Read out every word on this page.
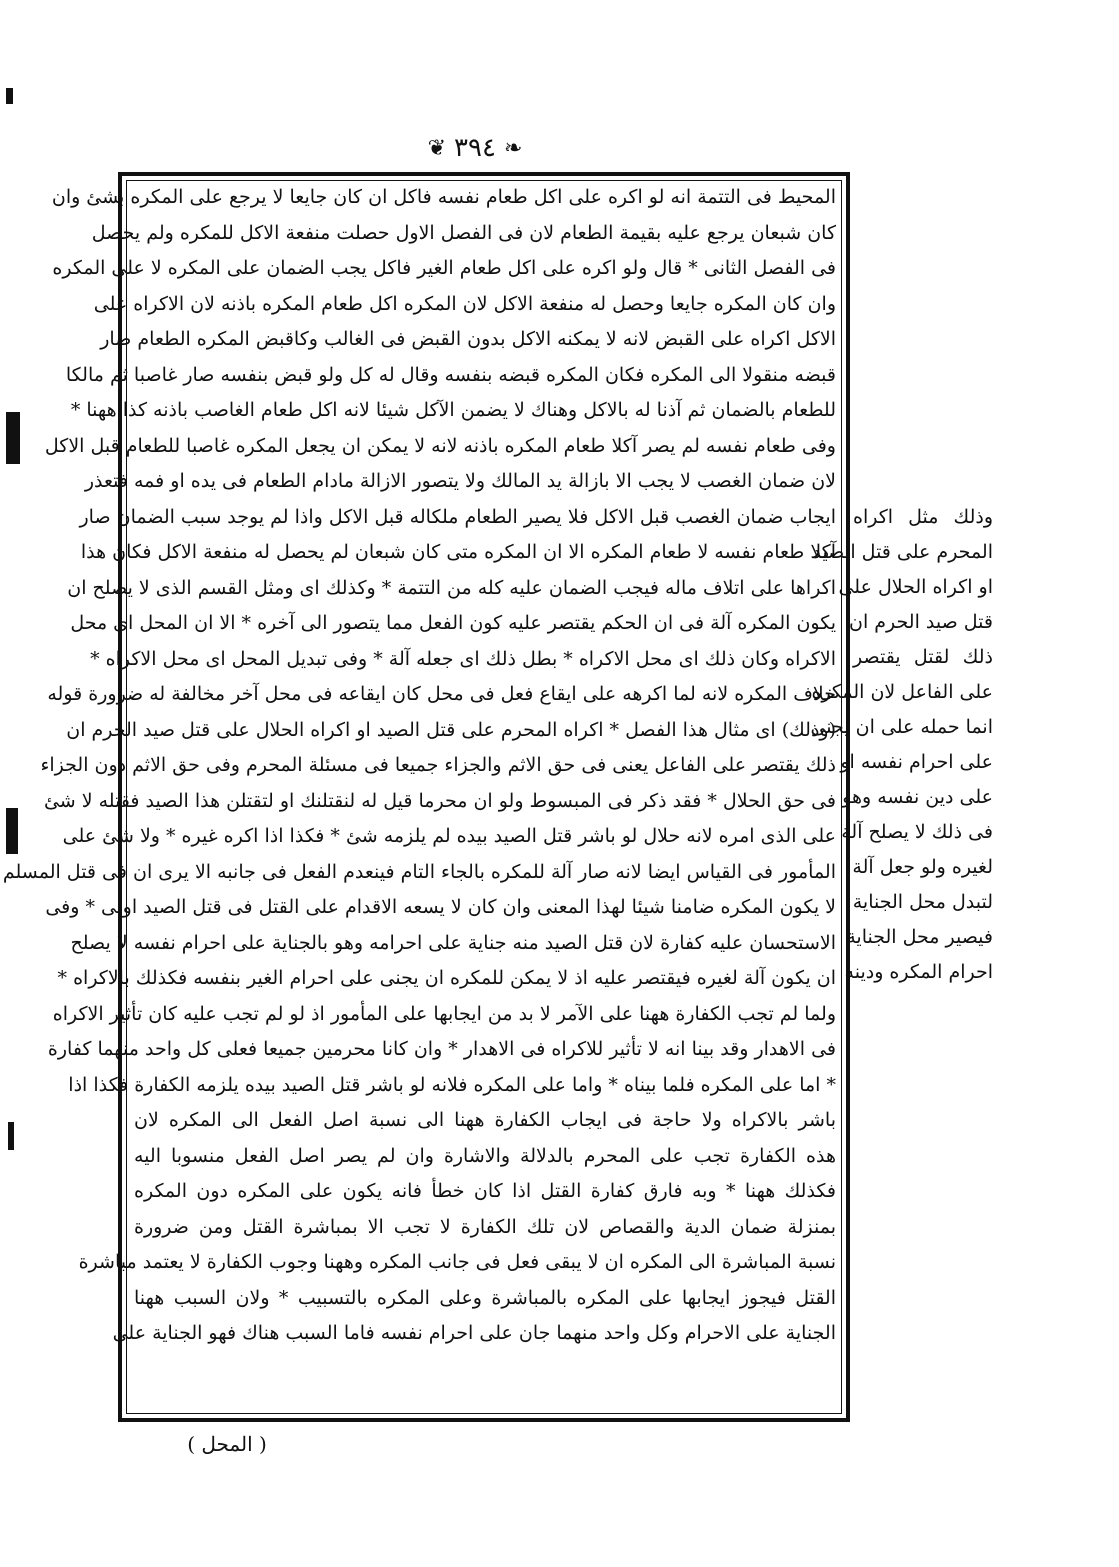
❦ ٣٩٤ ❧
المحيط فى التتمة انه لو اكره على اكل طعام نفسه فاكل ان كان جايعا لا يرجع على المكره بشئ وان
كان شبعان يرجع عليه بقيمة الطعام لان فى الفصل الاول حصلت منفعة الاكل للمكره ولم يحصل
فى الفصل الثانى * قال ولو اكره على اكل طعام الغير فاكل يجب الضمان على المكره لا على المكره
وان كان المكره جايعا وحصل له منفعة الاكل لان المكره اكل طعام المكره باذنه لان الاكراه على
الاكل اكراه على القبض لانه لا يمكنه الاكل بدون القبض فى الغالب وكاقبض المكره الطعام صار
قبضه منقولا الى المكره فكان المكره قبضه بنفسه وقال له كل ولو قبض بنفسه صار غاصبا ثم مالكا
للطعام بالضمان ثم آذنا له بالاكل وهناك لا يضمن الآكل شيئا لانه اكل طعام الغاصب باذنه كذا ههنا *
وفى طعام نفسه لم يصر آكلا طعام المكره باذنه لانه لا يمكن ان يجعل المكره غاصبا للطعام قبل الاكل
لان ضمان الغصب لا يجب الا بازالة يد المالك ولا يتصور الازالة مادام الطعام فى يده او فمه فتعذر
ايجاب ضمان الغصب قبل الاكل فلا يصير الطعام ملكاله قبل الاكل واذا لم يوجد سبب الضمان صار
آكلا طعام نفسه لا طعام المكره الا ان المكره متى كان شبعان لم يحصل له منفعة الاكل فكان هذا
اكراها على اتلاف ماله فيجب الضمان عليه كله من التتمة * وكذلك اى ومثل القسم الذى لا يصلح ان
يكون المكره آلة فى ان الحكم يقتصر عليه كون الفعل مما يتصور الى آخره * الا ان المحل اى محل
الاكراه وكان ذلك اى محل الاكراه * بطل ذلك اى جعله آلة * وفى تبديل المحل اى محل الاكراه *
خلاف المكره لانه لما اكرهه على ايقاع فعل فى محل كان ايقاعه فى محل آخر مخالفة له ضرورة قوله
(وذلك) اى مثال هذا الفصل * اكراه المحرم على قتل الصيد او اكراه الحلال على قتل صيد الحرم ان
ذلك يقتصر على الفاعل يعنى فى حق الاثم والجزاء جميعا فى مسئلة المحرم وفى حق الاثم دون الجزاء
فى حق الحلال * فقد ذكر فى المبسوط ولو ان محرما قيل له لنقتلنك او لتقتلن هذا الصيد فقتله لا شئ
على الذى امره لانه حلال لو باشر قتل الصيد بيده لم يلزمه شئ * فكذا اذا اكره غيره * ولا شئ على
المأمور فى القياس ايضا لانه صار آلة للمكره بالجاء التام فينعدم الفعل فى جانبه الا يرى ان فى قتل المسلم
لا يكون المكره ضامنا شيئا لهذا المعنى وان كان لا يسعه الاقدام على القتل فى قتل الصيد اولى * وفى
الاستحسان عليه كفارة لان قتل الصيد منه جناية على احرامه وهو بالجناية على احرام نفسه لا يصلح
ان يكون آلة لغيره فيقتصر عليه اذ لا يمكن للمكره ان يجنى على احرام الغير بنفسه فكذلك بالاكراه *
ولما لم تجب الكفارة ههنا على الآمر لا بد من ايجابها على المأمور اذ لو لم تجب عليه كان تأثير الاكراه
فى الاهدار وقد بينا انه لا تأثير للاكراه فى الاهدار * وان كانا محرمين جميعا فعلى كل واحد منهما كفارة
* اما على المكره فلما بيناه * واما على المكره فلانه لو باشر قتل الصيد بيده يلزمه الكفارة فكذا اذا
باشر بالاكراه ولا حاجة فى ايجاب الكفارة ههنا الى نسبة اصل الفعل الى المكره لان
هذه الكفارة تجب على المحرم بالدلالة والاشارة وان لم يصر اصل الفعل منسوبا اليه
فكذلك ههنا * وبه فارق كفارة القتل اذا كان خطأ فانه يكون على المكره دون المكره
بمنزلة ضمان الدية والقصاص لان تلك الكفارة لا تجب الا بمباشرة القتل ومن ضرورة
نسبة المباشرة الى المكره ان لا يبقى فعل فى جانب المكره وههنا وجوب الكفارة لا يعتمد مباشرة
القتل فيجوز ايجابها على المكره بالمباشرة وعلى المكره بالتسبيب * ولان السبب ههنا
الجناية على الاحرام وكل واحد منهما جان على احرام نفسه فاما السبب هناك فهو الجناية على
وذلك مثل اكراه
المحرم على قتل الصيد
او اكراه الحلال على
قتل صيد الحرم ان
ذلك لقتل يقتصر
على الفاعل لان المكره
انما حمله على ان يجنى
على احرام نفسه او
على دين نفسه وهو
فى ذلك لا يصلح آلة
لغيره ولو جعل آلة
لتبدل محل الجناية
فيصير محل الجناية
احرام المكره ودينه
( المحل )
